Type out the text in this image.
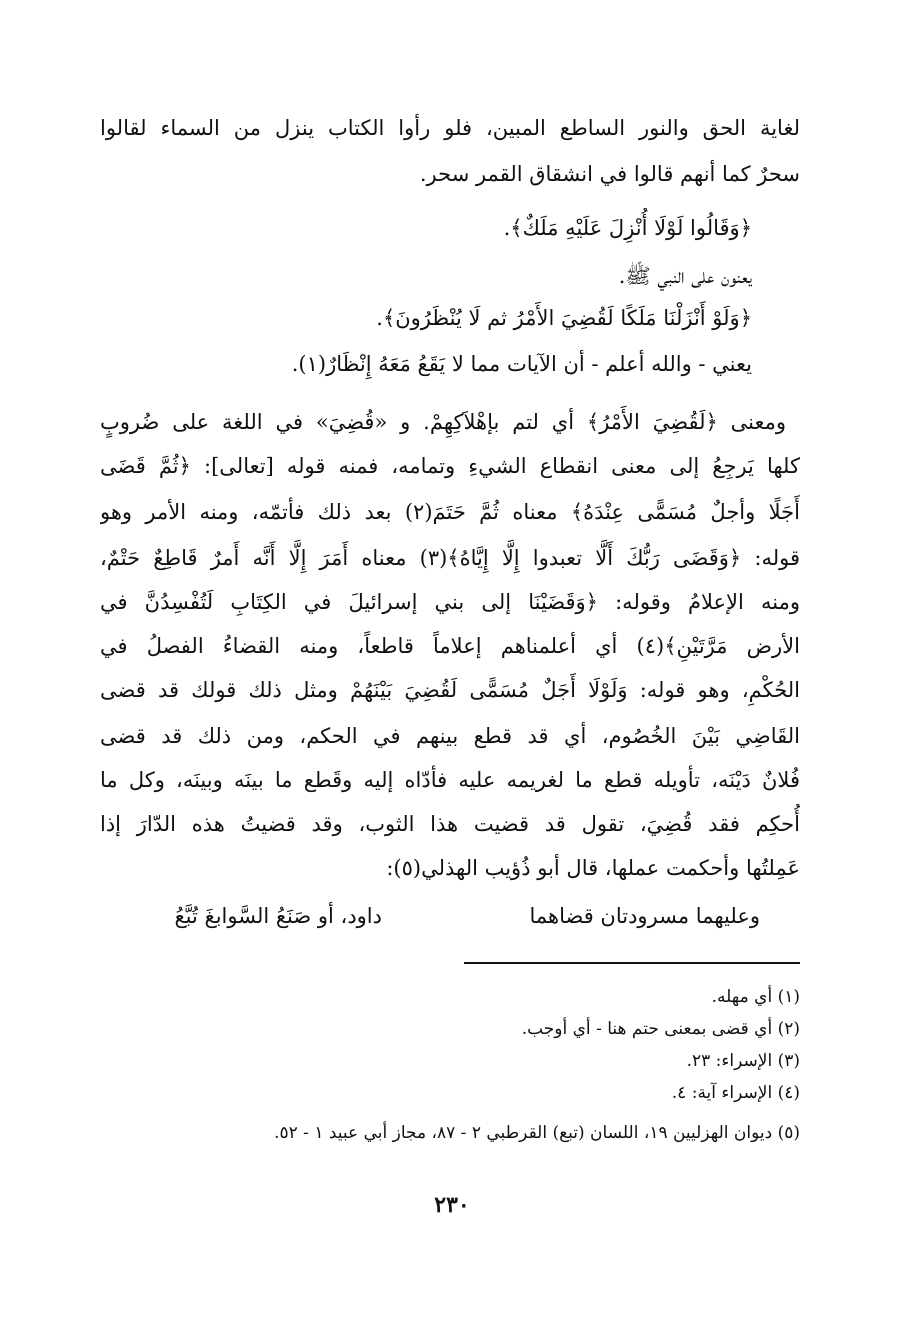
لغاية الحق والنور الساطع المبين، فلو رأوا الكتاب ينزل من السماء لقالوا
سحرٌ كما أنهم قالوا في انشقاق القمر سحر.
﴿وَقَالُوا لَوْلَا أُنْزِلَ عَلَيْهِ مَلَكٌ﴾.
يعنون على النبي ﷺ.
﴿وَلَوْ أَنْزَلْنَا مَلَكًا لَقُضِيَ الأَمْرُ ثم لَا يُنْظَرُونَ﴾.
يعني - والله أعلم - أن الآيات مما لا يَقَعُ مَعَهُ إِنْظَارٌ(١).
ومعنى ﴿لَقُضِيَ الأَمْرُ﴾ أي لتم بإهْلاَكِهِمْ. و «قُضِيَ» في اللغة على ضُروبٍ
كلها يَرجِعُ إلى معنى انقطاع الشيءِ وتمامه، فمنه قوله [تعالى]: ﴿ثُمَّ قَضَى
أَجَلًا وأجلٌ مُسَمًّى عِنْدَهُ﴾ معناه ثُمَّ حَتَمَ(٢) بعد ذلك فأتمّه، ومنه الأمر وهو
قوله: ﴿وَقَضَى رَبُّكَ أَلَّا تعبدوا إِلَّا إِيَّاهُ﴾(٣) معناه أَمَرَ إِلَّا أَنَّه أَمرٌ قَاطِعٌ حَتْمٌ،
ومنه الإعلامُ وقوله: ﴿وَقَضَيْنَا إلى بني إسرائيلَ في الكِتَابِ لَتُفْسِدُنَّ في
الأرض مَرَّتَيْنِ﴾(٤) أي أعلمناهم إعلاماً قاطعاً، ومنه القضاءُ الفصلُ في
الحُكْمِ، وهو قوله: وَلَوْلَا أَجَلٌ مُسَمًّى لَقُضِيَ بَيْنَهُمْ ومثل ذلك قولك قد قضى
القَاضِي بَيْنَ الخُصُوم، أي قد قطع بينهم في الحكم، ومن ذلك قد قضى
فُلانٌ دَيْنَه، تأويله قطع ما لغريمه عليه فأدّاه إليه وقَطع ما بينَه وبينَه، وكل ما
أُحكِم فقد قُضِيَ، تقول قد قضيت هذا الثوب، وقد قضيتُ هذه الدّارَ إذا
عَمِلتُها وأحكمت عملها، قال أبو ذُؤيب الهذلي(٥):
وعليهما مسرودتان قضاهما
داود، أو صَنَعُ السَّوابغَ تُبَّعُ
(١) أي مهله.
(٢) أي قضى بمعنى حتم هنا - أي أوجب.
(٣) الإسراء: ٢٣.
(٤) الإسراء آية: ٤.
(٥) ديوان الهزليين ١٩، اللسان (تبع) القرطبي ٢ - ٨٧، مجاز أبي عبيد ١ - ٥٢.
٢٣٠
